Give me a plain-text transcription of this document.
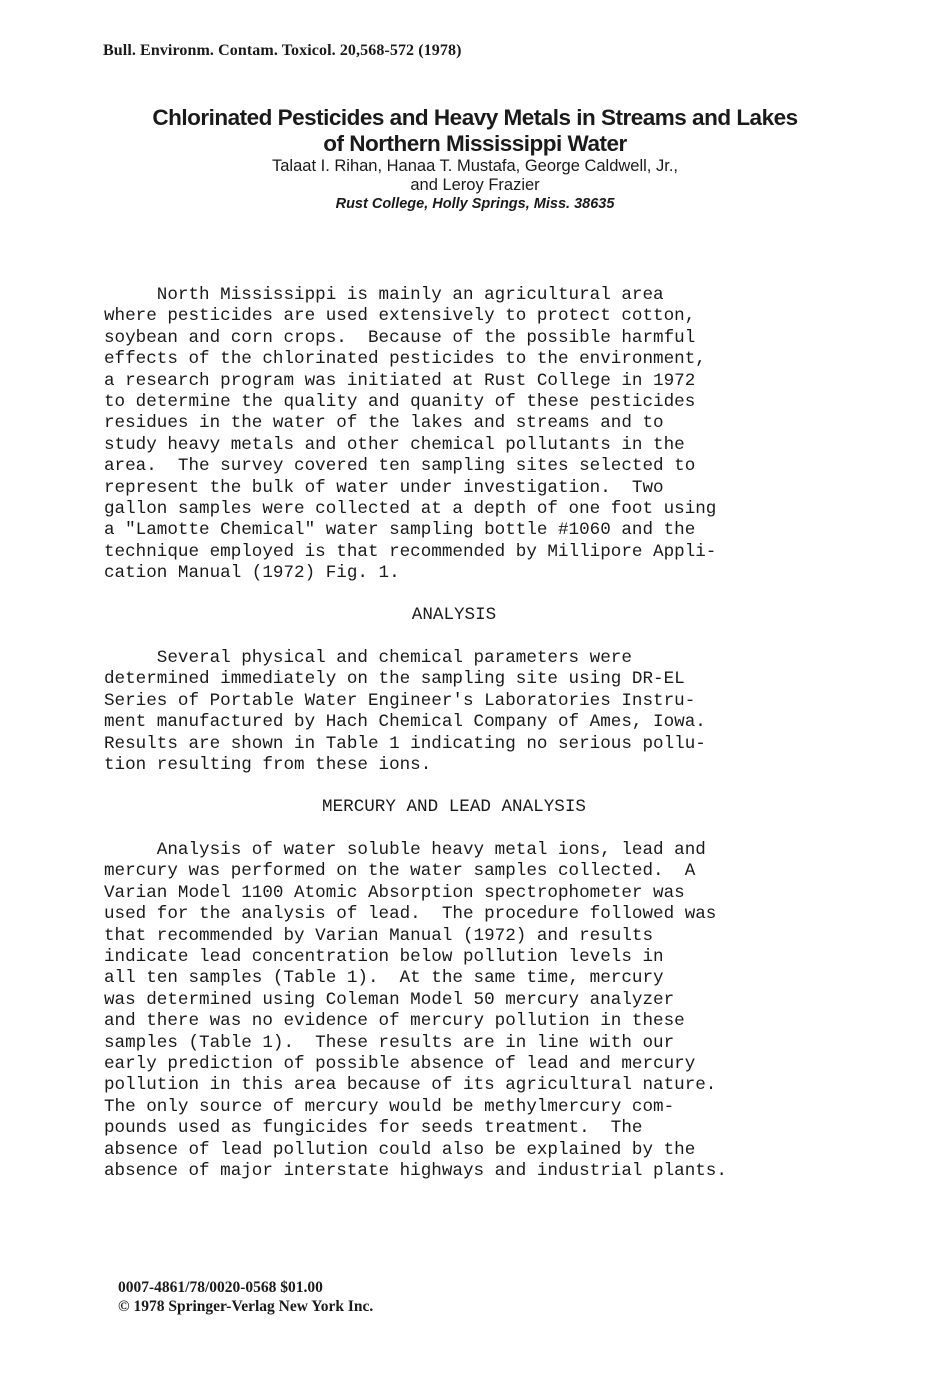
Bull. Environm. Contam. Toxicol. 20,568-572 (1978)
Chlorinated Pesticides and Heavy Metals in Streams and Lakes
of Northern Mississippi Water
Talaat I. Rihan, Hanaa T. Mustafa, George Caldwell, Jr.,
and Leroy Frazier
Rust College, Holly Springs, Miss. 38635
North Mississippi is mainly an agricultural area
where pesticides are used extensively to protect cotton,
soybean and corn crops.  Because of the possible harmful
effects of the chlorinated pesticides to the environment,
a research program was initiated at Rust College in 1972
to determine the quality and quanity of these pesticides
residues in the water of the lakes and streams and to
study heavy metals and other chemical pollutants in the
area.  The survey covered ten sampling sites selected to
represent the bulk of water under investigation.  Two
gallon samples were collected at a depth of one foot using
a "Lamotte Chemical" water sampling bottle #1060 and the
technique employed is that recommended by Millipore Appli-
cation Manual (1972) Fig. 1.
ANALYSIS
Several physical and chemical parameters were
determined immediately on the sampling site using DR-EL
Series of Portable Water Engineer's Laboratories Instru-
ment manufactured by Hach Chemical Company of Ames, Iowa.
Results are shown in Table 1 indicating no serious pollu-
tion resulting from these ions.
MERCURY AND LEAD ANALYSIS
Analysis of water soluble heavy metal ions, lead and
mercury was performed on the water samples collected.  A
Varian Model 1100 Atomic Absorption spectrophometer was
used for the analysis of lead.  The procedure followed was
that recommended by Varian Manual (1972) and results
indicate lead concentration below pollution levels in
all ten samples (Table 1).  At the same time, mercury
was determined using Coleman Model 50 mercury analyzer
and there was no evidence of mercury pollution in these
samples (Table 1).  These results are in line with our
early prediction of possible absence of lead and mercury
pollution in this area because of its agricultural nature.
The only source of mercury would be methylmercury com-
pounds used as fungicides for seeds treatment.  The
absence of lead pollution could also be explained by the
absence of major interstate highways and industrial plants.
0007-4861/78/0020-0568 $01.00
© 1978 Springer-Verlag New York Inc.
